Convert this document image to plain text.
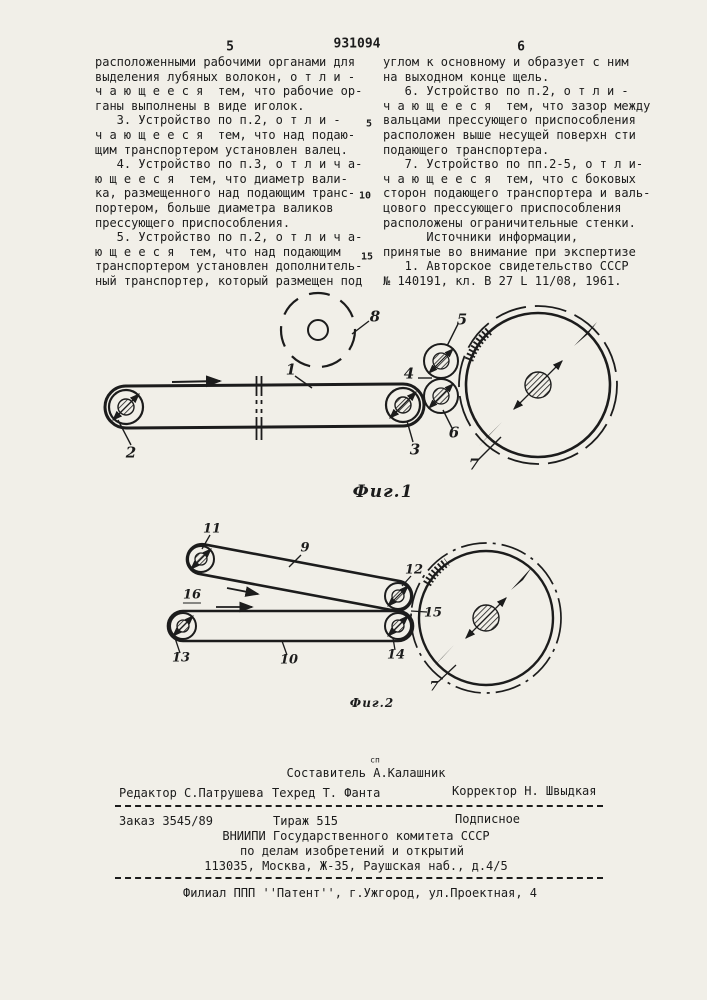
5	931094	6
расположенными рабочими органами для
выделения лубяных волокон, о т л и -
ч а ю щ е е с я  тем, что рабочие ор-
ганы выполнены в виде иголок.
3. Устройство по п.2, о т л и -
ч а ю щ е е с я  тем, что над подаю-
щим транспортером установлен валец.
4. Устройство по п.3, о т л и ч а-
ю щ е е с я  тем, что диаметр вали-
ка, размещенного над подающим транс-
портером, больше диаметра валиков
прессующего приспособления.
5. Устройство по п.2, о т л и ч а-
ю щ е е с я  тем, что над подающим
транспортером установлен дополнитель-
ный транспортер, который размещен под
углом к основному и образует с ним
на выходном конце щель.
6. Устройство по п.2, о т л и -
ч а ю щ е е с я  тем, что зазор между
вальцами прессующего приспособления
расположен выше несущей поверхн сти
подающего транспортера.
7. Устройство по пп.2-5, о т л и-
ч а ю щ е е с я  тем, что с боковых
сторон подающего транспортера и валь-
цового прессующего приспособления
расположены ограничительные стенки.
Источники информации,
принятые во внимание при экспертизе
1. Авторское свидетельство СССР
№ 140191, кл. В 27 L 11/08, 1961.
5
10
15
1
2	3
4
5
6
7
8
Фиг.1
11
9
12
16
13	10	14
15
7
Фиг.2
сп
Составитель А.Калашник
Редактор С.Патрушева Техред Т. Фанта	Корректор Н. Швыдкая
Заказ 3545/89	Тираж 515	Подписное
ВНИИПИ Государственного комитета СССР
по делам изобретений и открытий
113035, Москва, Ж-35, Раушская наб., д.4/5
Филиал ППП ''Патент'', г.Ужгород, ул.Проектная, 4
